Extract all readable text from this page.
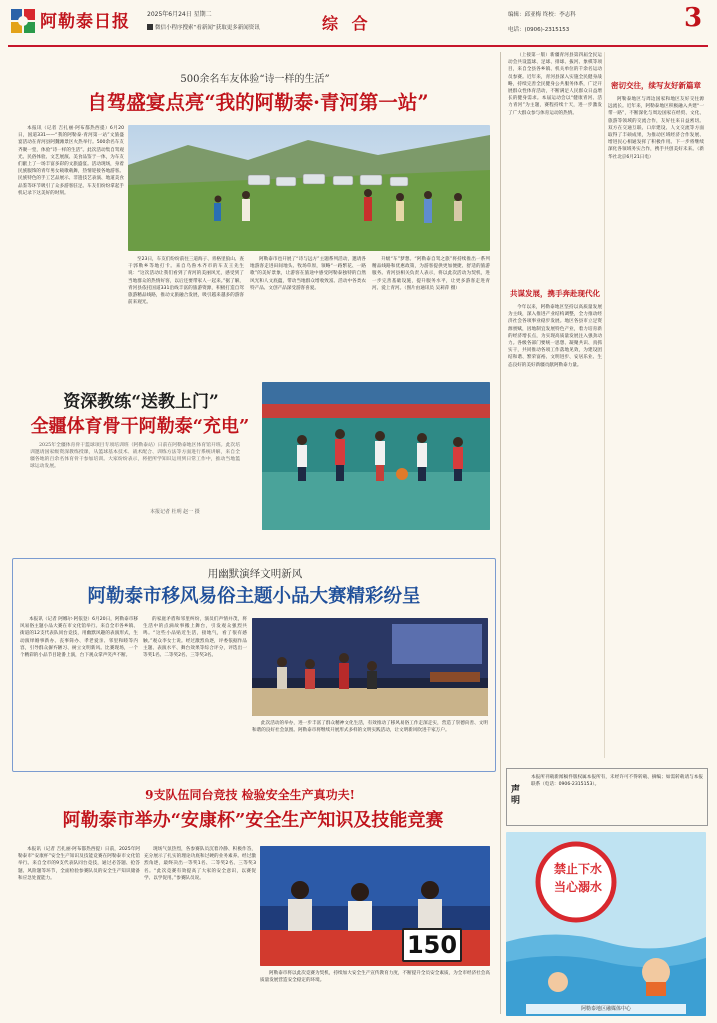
阿勒泰日报	2025年6月24日 星期二
微信小程序搜索“看新闻”获取更多新闻资讯	综 合	编辑：邱亚梅 终校：李志科
电话：(0906)-2315153	3
500余名车友体验“诗一样的生活”
自驾盛宴点亮“我的阿勒泰·青河第一站”

本报讯（记者 吉扎丽·阿布都热西提）6月20日，国道331——“我的阿勒泰·青河第一站”文旅盛宴活动在青河县阿魏滩景区火热举行。500余名车友齐聚一堂，体验“诗一样的生活”。此次活动集自驾观光、民俗体验、文艺展演、美食品鉴于一体，为车友们献上了一场丰富多彩的文旅盛宴。活动现场，身着民族服饰的青年男女载歌载舞，热情迎接各地游客。民族特色的手工艺品展示、非遗技艺表演、地道美食品鉴等环节吸引了众多游客驻足。车友们纷纷拿起手机记录下这美好的时刻。

至23日，车友们纷纷前往三道海子、青格里狼山、查干郭勒乡等地打卡。来自乌鲁木齐市的车友王先生说：“这次活动让我们看到了青河的美丽风光，感受到了当地群众的热情好客，以后还要带家人一起来。”据了解，青河县依托国道331沿线丰富的旅游资源，积极打造自驾旅游精品线路，推动文旅融合发展，吸引越来越多的游客前来观光。

阿勒泰市也开展了“诗与远方”主题系列活动，邀请各地游客走进田间地头、牧场草原，领略“一路繁花、一路歌”的美好景象，让游客在旅途中感受阿勒泰独特的自然风光和人文底蕴，带动当地群众增收致富。活动中各类农特产品、文创产品深受游客喜爱。

升级“车”梦想。“阿勒泰自驾之旅”将持续推出一系列精品线路和优惠政策，为游客提供更加便捷、舒适的旅游服务。青河县相关负责人表示，将以此次活动为契机，进一步完善基础设施，提升服务水平，让更多游客走进青河、爱上青河。（图片由通讯员 吴莉萍 摄）

资深教练“送教上门”
全疆体育骨干阿勒泰“充电”

2025年全疆体育骨干篮球项目专项培训班（阿勒泰站）日前在阿勒泰地区体育馆开班。此次培训邀请国家级资深教练授课，从篮球基本技术、战术配合、训练方法等方面进行系统讲解，来自全疆各地的百余名体育骨干参加培训。大家纷纷表示，将把所学知识运用到日常工作中，推动当地篮球运动发展。

本报记者 杜明 赵一 摄
用幽默演绎文明新风
阿勒泰市移风易俗主题小品大赛精彩纷呈

本报讯（记者 阿娜尔·阿依登）6月20日，阿勒泰市移风易俗主题小品大赛在市文化馆举行。来自全市各乡镇、街道的12支代表队同台竞技，用幽默风趣的表演形式，生动演绎婚事新办、丧事简办、孝老爱亲、邻里和睦等内容，引导群众摒弃陋习、树立文明新风。比赛现场，一个个精彩的小品节目轮番上演，台下观众掌声笑声不断。

的家庭矛盾和邻里纠纷，演员们声情并茂，将生活中的点滴故事搬上舞台，引发观众强烈共鸣。“这些小品贴近生活，接地气，看了很有感触。”观众李女士说。经过激烈角逐，评委依据作品主题、表演水平、舞台效果等综合评分，评选出一等奖1名、二等奖2名、三等奖3名。

此次活动的举办，进一步丰富了群众精神文化生活，有效推动了移风易俗工作走深走实，营造了崇德向善、文明和谐的良好社会氛围。阿勒泰市将继续开展形式多样的文明实践活动，让文明新风吹进千家万户。

9支队伍同台竞技 检验安全生产真功夫!
阿勒泰市举办“安康杯”安全生产知识及技能竞赛

本报讯（记者 吉扎丽·阿布都热西提）日前，2025年阿勒泰市“安康杯”安全生产知识及技能竞赛在阿勒泰市文化馆举行。来自全市的9支代表队同台竞技，通过必答题、抢答题、风险题等环节，全面检验参赛队员的安全生产知识储备和应急处置能力。

现场气氛热烈，各参赛队员沉着冷静、积极作答，充分展示了扎实的理论功底和过硬的业务素养。经过激烈角逐，最终决出一等奖1名、二等奖2名、三等奖3名。“此次竞赛有效提高了大家的安全意识，以赛促学、以学促用。”参赛队员说。

150

阿勒泰市将以此次竞赛为契机，持续加大安全生产宣传教育力度，不断提升全员安全素质，为全市经济社会高质量发展营造安全稳定的环境。

（上接第一版）新疆青河县第四届全民运动会共设篮球、足球、排球、拔河、象棋等项目，来自全县各乡镇、机关单位的千余名运动员参赛。近年来，青河县深入实施全民健身战略，持续完善全民健身公共服务体系，广泛开展群众性体育活动，不断满足人民群众日益增长的健身需求。本届运动会以“健康青河、活力青河”为主题，赛程持续十天，进一步激发了广大群众参与体育运动的热情。

共谋发展，携手奔赴现代化

今年以来，阿勒泰地区坚持以高质量发展为主线，深入推进产业结构调整，全力推动经济社会各项事业稳步发展。地区各县市立足资源禀赋，因地制宜发展特色产业，着力培育新的经济增长点，为实现高质量发展注入强劲动力。各级各部门要统一思想、凝聚共识、真抓实干，共同推动各项工作落地见效，为建设团结和谐、繁荣富裕、文明进步、安居乐业、生态良好的美好新疆贡献阿勒泰力量。

密切交往，续写友好新篇章

阿勒泰地区与周边国家和地区友好交往源远流长。近年来，阿勒泰地区积极融入共建“一带一路”，不断深化与周边国家在经贸、文化、旅游等领域的交流合作，友好往来日益密切。双方在交通互联、口岸建设、人文交流等方面取得了丰硕成果，为推动区域经济合作发展、增进民心相通发挥了积极作用。下一步将继续深化各领域务实合作，携手共创美好未来。（新华社北京6月21日电）

声明

本报所刊载新闻稿件版权属本报所有，未经许可不得转载、摘编；如需转载请与本报联系（电话：0906-2315153）。

禁止下水
当心溺水
阿勒泰地区融媒体中心
